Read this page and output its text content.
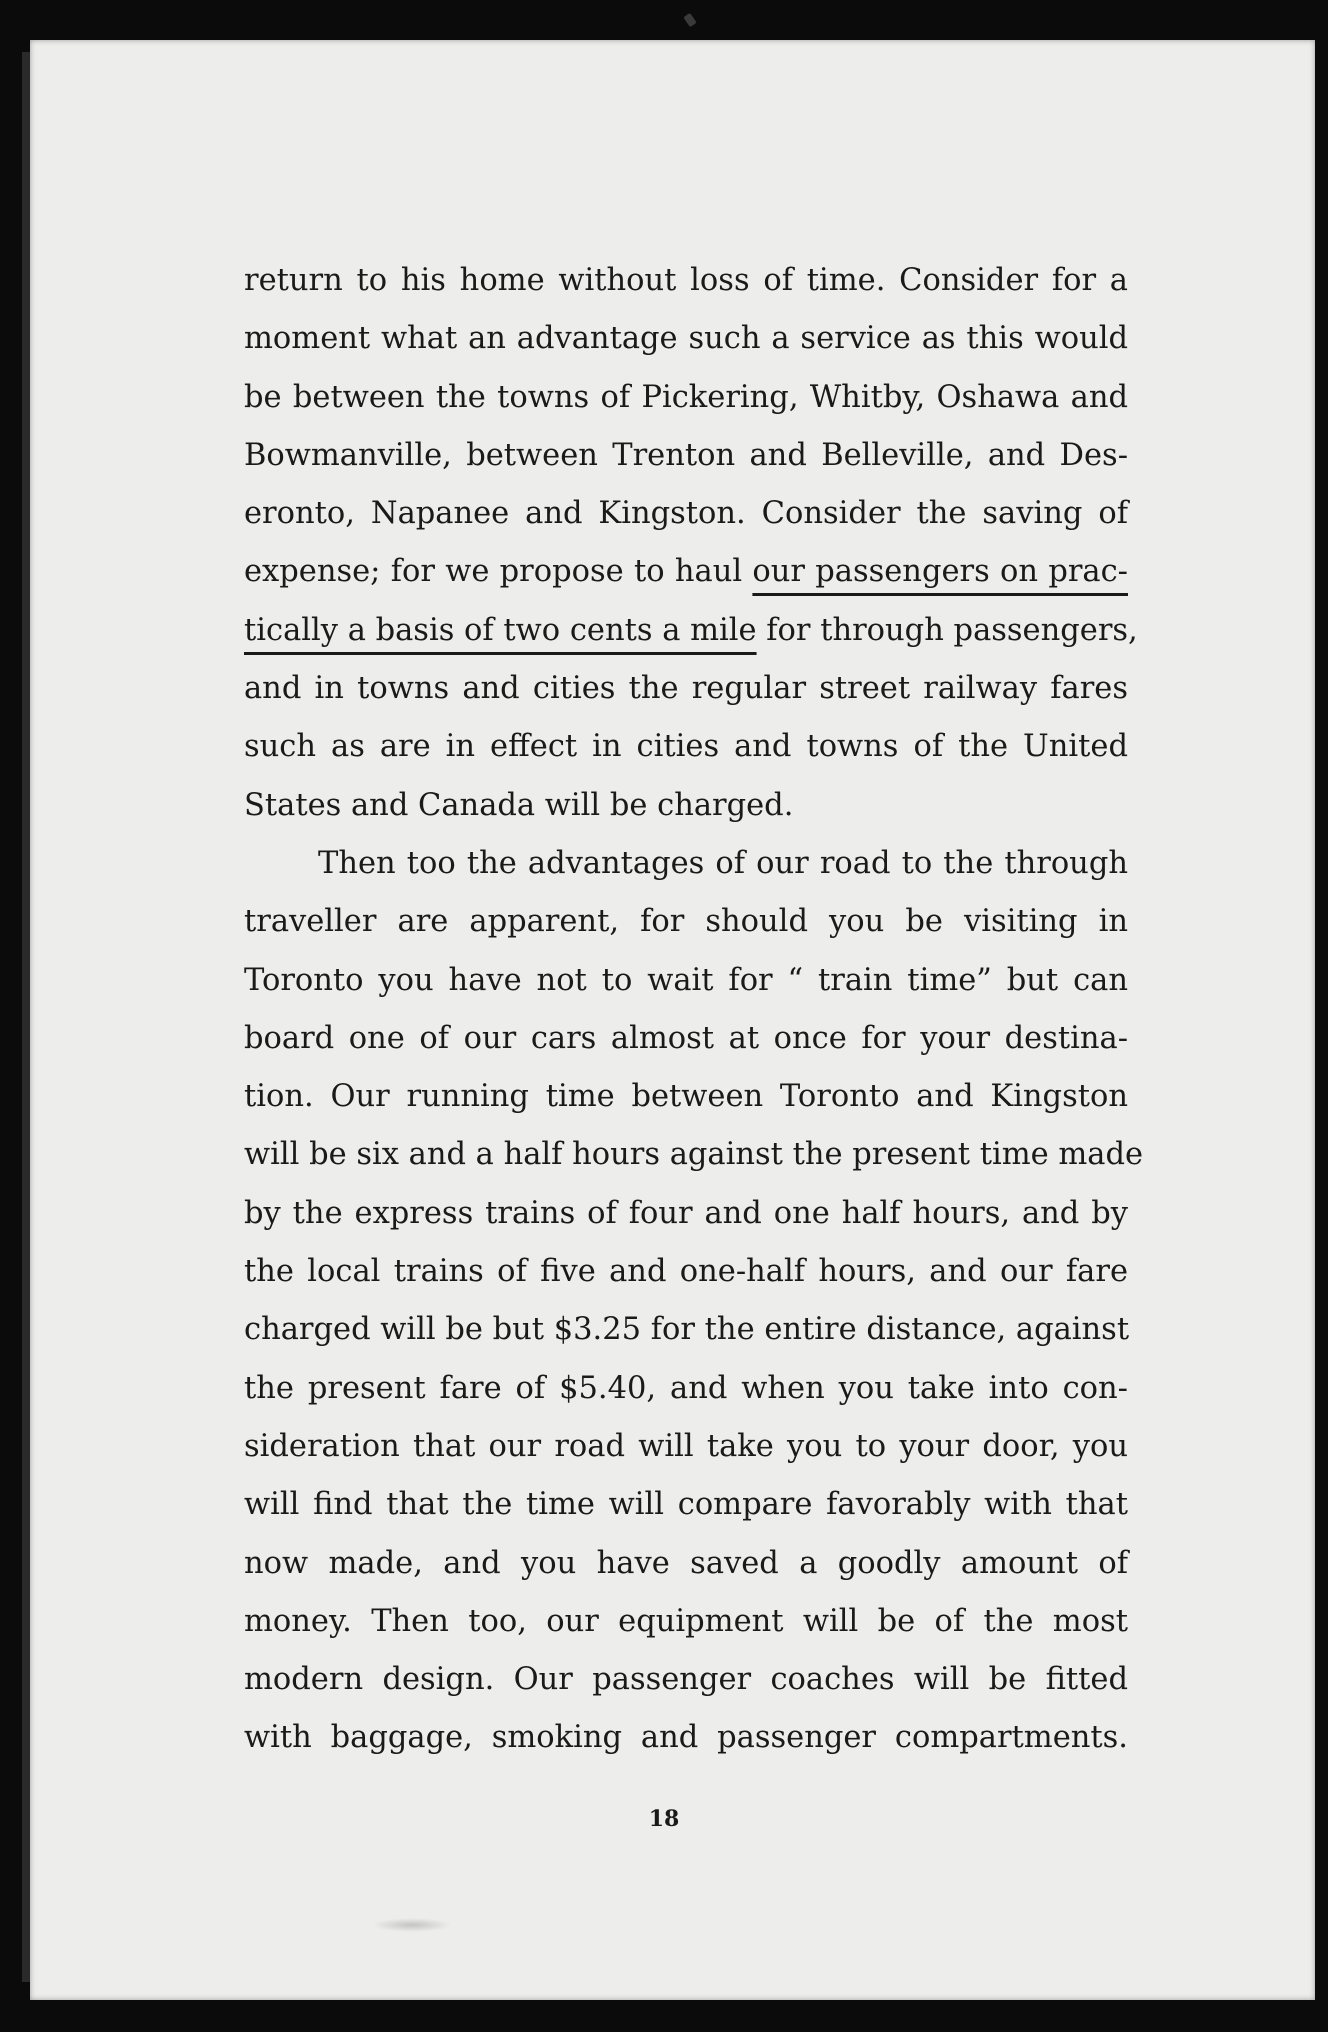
return to his home without loss of time. Consider for a
moment what an advantage such a service as this would
be between the towns of Pickering, Whitby, Oshawa and
Bowmanville, between Trenton and Belleville, and Des-
eronto, Napanee and Kingston. Consider the saving of
expense; for we propose to haul our passengers on prac-
tically a basis of two cents a mile for through passengers,
and in towns and cities the regular street railway fares
such as are in effect in cities and towns of the United
States and Canada will be charged.
Then too the advantages of our road to the through
traveller are apparent, for should you be visiting in
Toronto you have not to wait for “ train time” but can
board one of our cars almost at once for your destina-
tion. Our running time between Toronto and Kingston
will be six and a half hours against the present time made
by the express trains of four and one half hours, and by
the local trains of five and one-half hours, and our fare
charged will be but $3.25 for the entire distance, against
the present fare of $5.40, and when you take into con-
sideration that our road will take you to your door, you
will find that the time will compare favorably with that
now made, and you have saved a goodly amount of
money. Then too, our equipment will be of the most
modern design. Our passenger coaches will be fitted
with baggage, smoking and passenger compartments.
18
